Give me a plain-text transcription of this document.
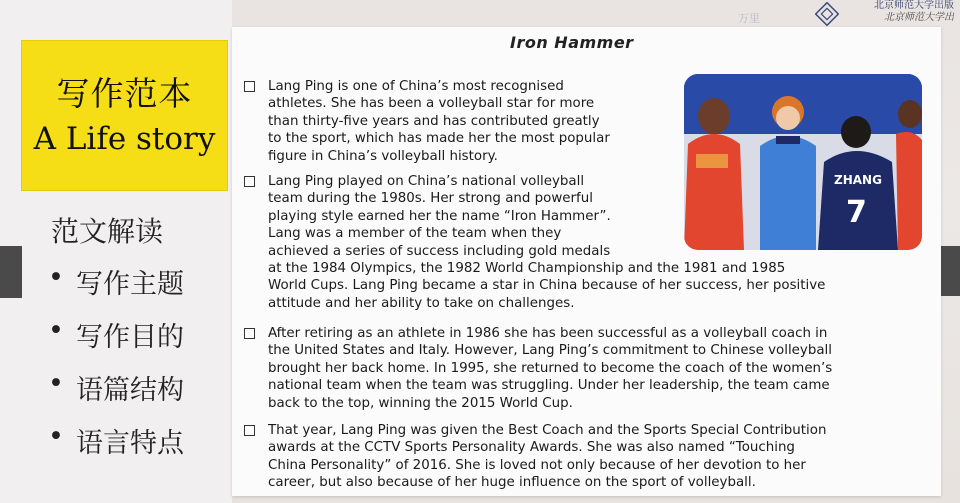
写作范本
A Life story
范文解读
• 写作主题
• 写作目的
• 语篇结构
• 语言特点
万里
北京师范大学出版
北京师范大学出
Iron Hammer
Lang Ping is one of China’s most recognised
athletes. She has been a volleyball star for more
than thirty-five years and has contributed greatly
to the sport, which has made her the most popular
figure in China’s volleyball history.
Lang Ping played on China’s national volleyball
team during the 1980s. Her strong and powerful
playing style earned her the name “Iron Hammer”.
Lang was a member of the team when they
achieved a series of success including gold medals
at the 1984 Olympics, the 1982 World Championship and the 1981 and 1985
World Cups. Lang Ping became a star in China because of her success, her positive
attitude and her ability to take on challenges.
After retiring as an athlete in 1986 she has been successful as a volleyball coach in
the United States and Italy. However, Lang Ping’s commitment to Chinese volleyball
brought her back home. In 1995, she returned to become the coach of the women’s
national team when the team was struggling. Under her leadership, the team came
back to the top, winning the 2015 World Cup.
That year, Lang Ping was given the Best Coach and the Sports Special Contribution
awards at the CCTV Sports Personality Awards. She was also named “Touching
China Personality” of 2016. She is loved not only because of her devotion to her
career, but also because of her huge influence on the sport of volleyball.
ZHANG
7
